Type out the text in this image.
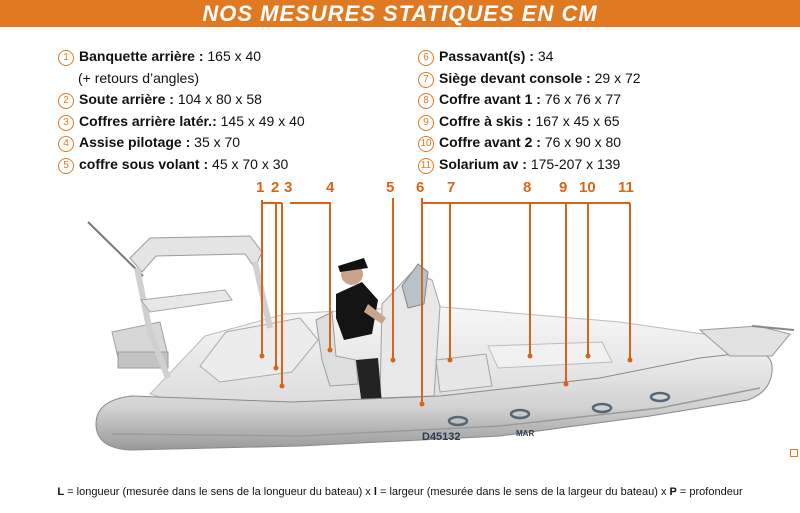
NOS MESURES STATIQUES EN CM
1 Banquette arrière : 165 x 40
(+ retours d’angles)
2 Soute arrière : 104 x 80 x 58
3 Coffres arrière latér.: 145 x 49 x 40
4 Assise pilotage : 35 x 70
5 coffre sous volant : 45 x 70 x 30
6 Passavant(s) : 34
7 Siège devant console : 29 x 72
8 Coffre avant 1 : 76 x 76 x 77
9 Coffre à skis : 167 x 45 x 65
10 Coffre avant 2 : 76 x 90 x 80
11 Solarium av : 175-207 x 139
D45132	MAR
1 2 3 4	5 6 7	8 9 10 11
L = longueur (mesurée dans le sens de la longueur du bateau) x l = largeur (mesurée dans le sens de la largeur du bateau) x P = profondeur
